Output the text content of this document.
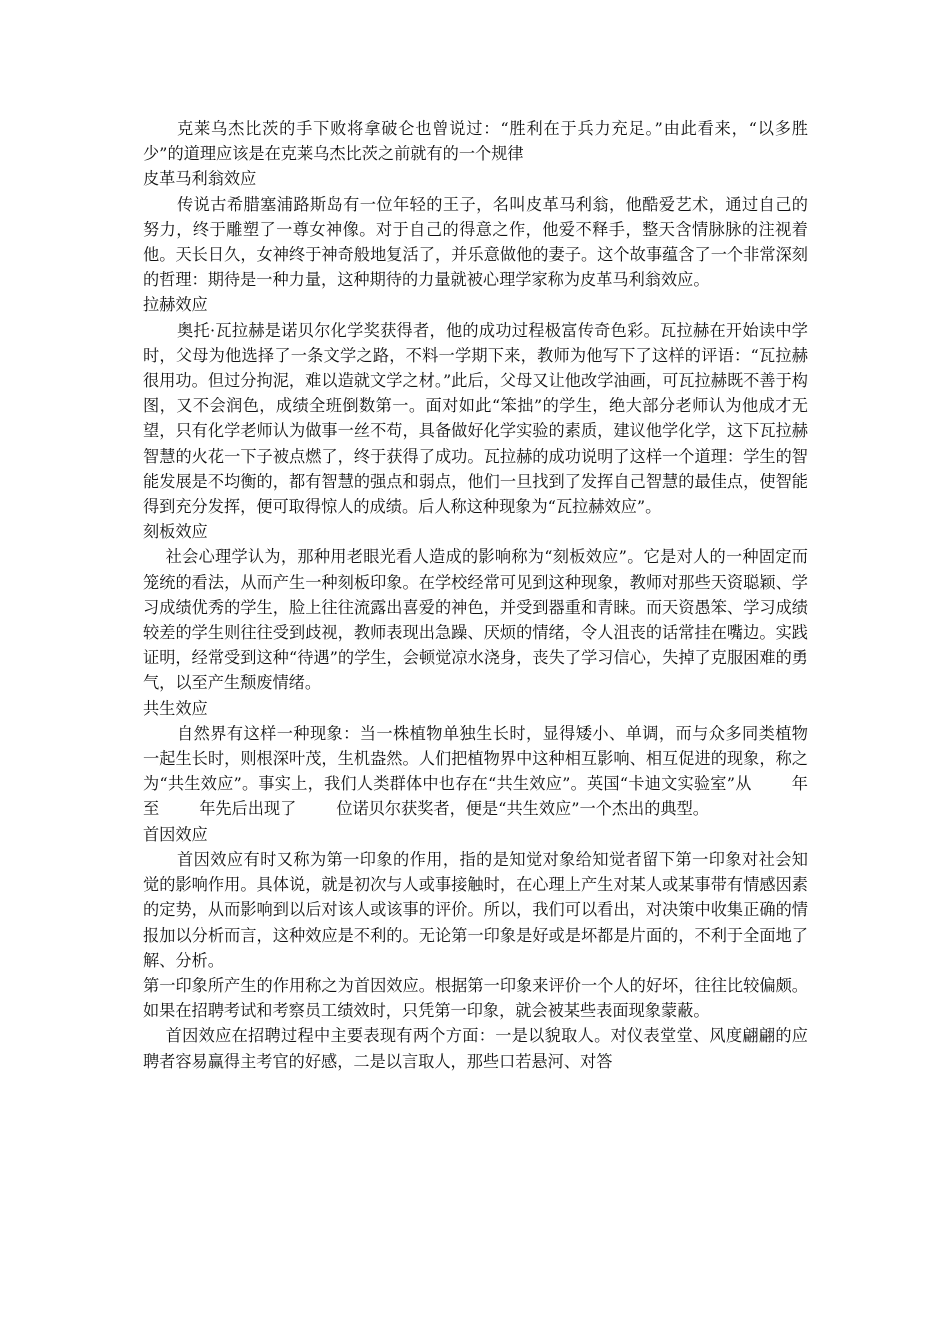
克莱乌杰比茨的手下败将拿破仑也曾说过：“胜利在于兵力充足。”由此看来，“以多胜少”的道理应该是在克莱乌杰比茨之前就有的一个规律

皮革马利翁效应

传说古希腊塞浦路斯岛有一位年轻的王子，名叫皮革马利翁，他酷爱艺术，通过自己的努力，终于雕塑了一尊女神像。对于自己的得意之作，他爱不释手，整天含情脉脉的注视着他。天长日久，女神终于神奇般地复活了，并乐意做他的妻子。这个故事蕴含了一个非常深刻的哲理：期待是一种力量，这种期待的力量就被心理学家称为皮革马利翁效应。

拉赫效应

奥托·瓦拉赫是诺贝尔化学奖获得者，他的成功过程极富传奇色彩。瓦拉赫在开始读中学时，父母为他选择了一条文学之路，不料一学期下来，教师为他写下了这样的评语：“瓦拉赫很用功。但过分拘泥，难以造就文学之材。”此后，父母又让他改学油画，可瓦拉赫既不善于构图，又不会润色，成绩全班倒数第一。面对如此“笨拙”的学生，绝大部分老师认为他成才无望，只有化学老师认为做事一丝不苟，具备做好化学实验的素质，建议他学化学，这下瓦拉赫智慧的火花一下子被点燃了，终于获得了成功。瓦拉赫的成功说明了这样一个道理：学生的智能发展是不均衡的，都有智慧的强点和弱点，他们一旦找到了发挥自己智慧的最佳点，使智能得到充分发挥，便可取得惊人的成绩。后人称这种现象为“瓦拉赫效应”。

刻板效应

社会心理学认为，那种用老眼光看人造成的影响称为“刻板效应”。它是对人的一种固定而笼统的看法，从而产生一种刻板印象。在学校经常可见到这种现象，教师对那些天资聪颖、学习成绩优秀的学生，脸上往往流露出喜爱的神色，并受到器重和青睐。而天资愚笨、学习成绩较差的学生则往往受到歧视，教师表现出急躁、厌烦的情绪，令人沮丧的话常挂在嘴边。实践证明，经常受到这种“待遇”的学生，会顿觉凉水浇身，丧失了学习信心，失掉了克服困难的勇气，以至产生颓废情绪。

共生效应

自然界有这样一种现象：当一株植物单独生长时，显得矮小、单调，而与众多同类植物一起生长时，则根深叶茂，生机盎然。人们把植物界中这种相互影响、相互促进的现象，称之为“共生效应”。事实上，我们人类群体中也存在“共生效应”。英国“卡迪文实验室”从 年至 年先后出现了 位诺贝尔获奖者，便是“共生效应”一个杰出的典型。

首因效应

首因效应有时又称为第一印象的作用，指的是知觉对象给知觉者留下第一印象对社会知觉的影响作用。具体说，就是初次与人或事接触时，在心理上产生对某人或某事带有情感因素的定势，从而影响到以后对该人或该事的评价。所以，我们可以看出，对决策中收集正确的情报加以分析而言，这种效应是不利的。无论第一印象是好或是坏都是片面的，不利于全面地了解、分析。

第一印象所产生的作用称之为首因效应。根据第一印象来评价一个人的好坏，往往比较偏颇。如果在招聘考试和考察员工绩效时，只凭第一印象，就会被某些表面现象蒙蔽。

首因效应在招聘过程中主要表现有两个方面：一是以貌取人。对仪表堂堂、风度翩翩的应聘者容易赢得主考官的好感，二是以言取人，那些口若悬河、对答
